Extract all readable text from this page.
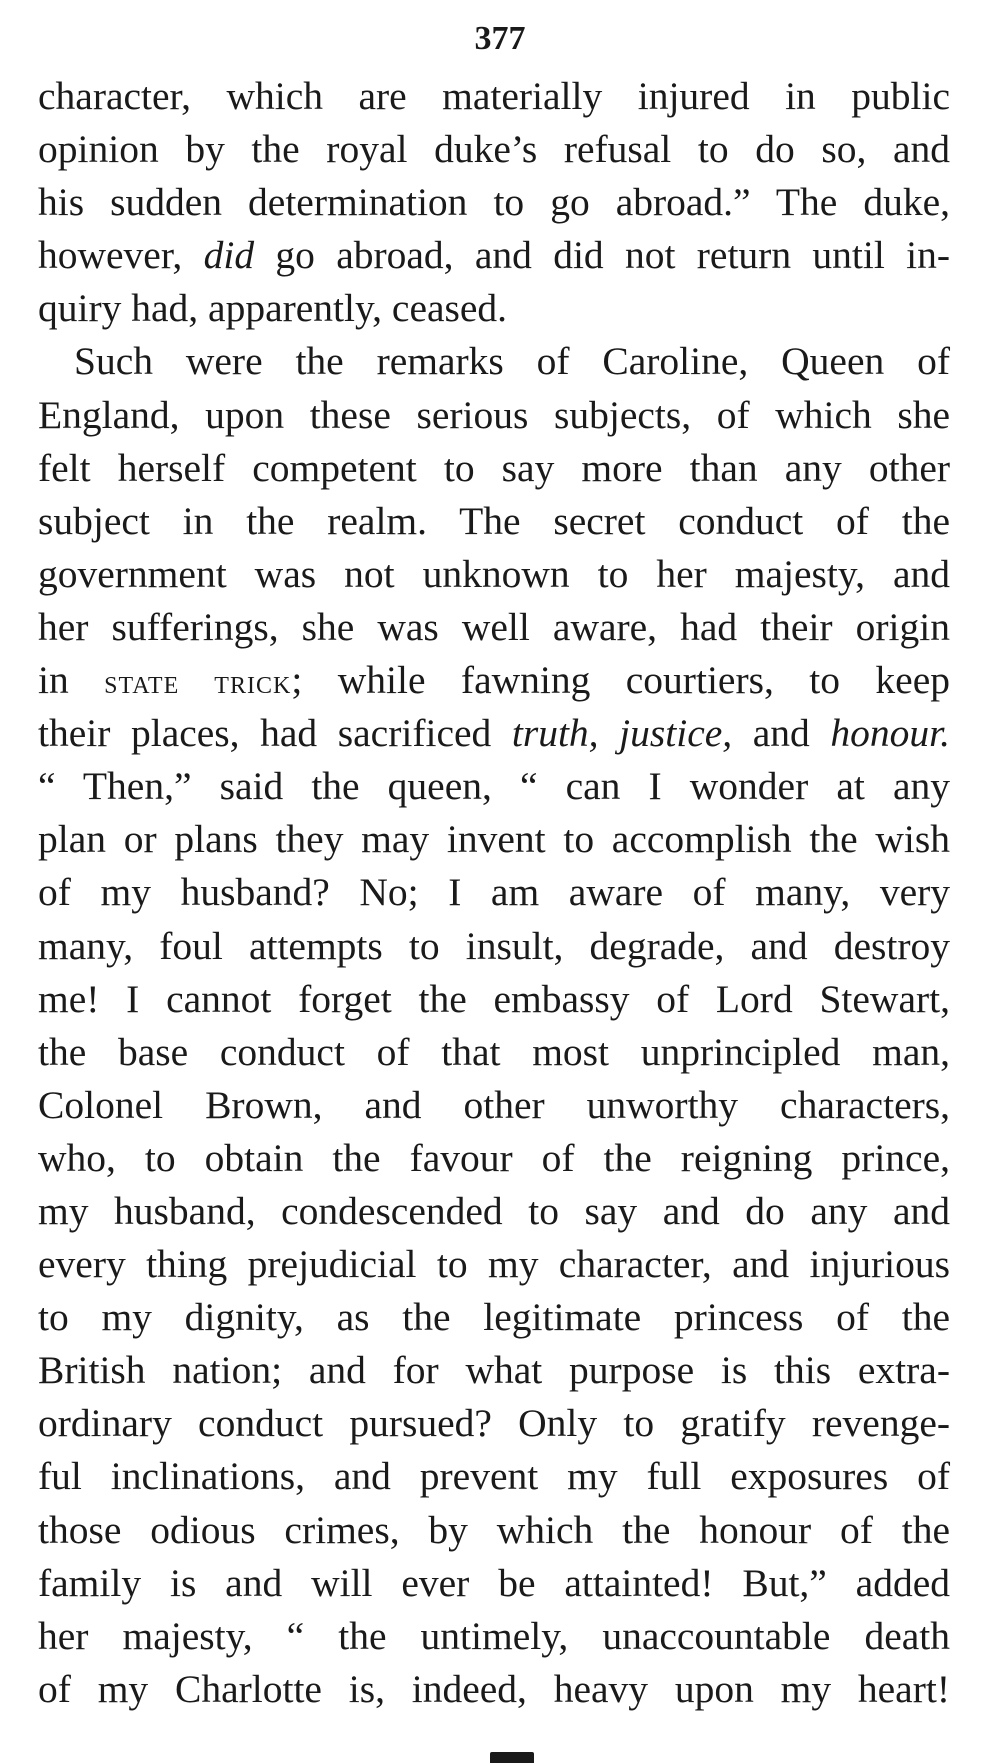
377
character, which are materially injured in public
opinion by the royal duke’s refusal to do so, and
his sudden determination to go abroad.” The duke,
however, did go abroad, and did not return until in-
quiry had, apparently, ceased.
Such were the remarks of Caroline, Queen of
England, upon these serious subjects, of which she
felt herself competent to say more than any other
subject in the realm. The secret conduct of the
government was not unknown to her majesty, and
her sufferings, she was well aware, had their origin
in state trick; while fawning courtiers, to keep
their places, had sacrificed truth, justice, and honour.
“ Then,” said the queen, “ can I wonder at any
plan or plans they may invent to accomplish the wish
of my husband? No; I am aware of many, very
many, foul attempts to insult, degrade, and destroy
me! I cannot forget the embassy of Lord Stewart,
the base conduct of that most unprincipled man,
Colonel Brown, and other unworthy characters,
who, to obtain the favour of the reigning prince,
my husband, condescended to say and do any and
every thing prejudicial to my character, and injurious
to my dignity, as the legitimate princess of the
British nation; and for what purpose is this extra-
ordinary conduct pursued? Only to gratify revenge-
ful inclinations, and prevent my full exposures of
those odious crimes, by which the honour of the
family is and will ever be attainted! But,” added
her majesty, “ the untimely, unaccountable death
of my Charlotte is, indeed, heavy upon my heart!
